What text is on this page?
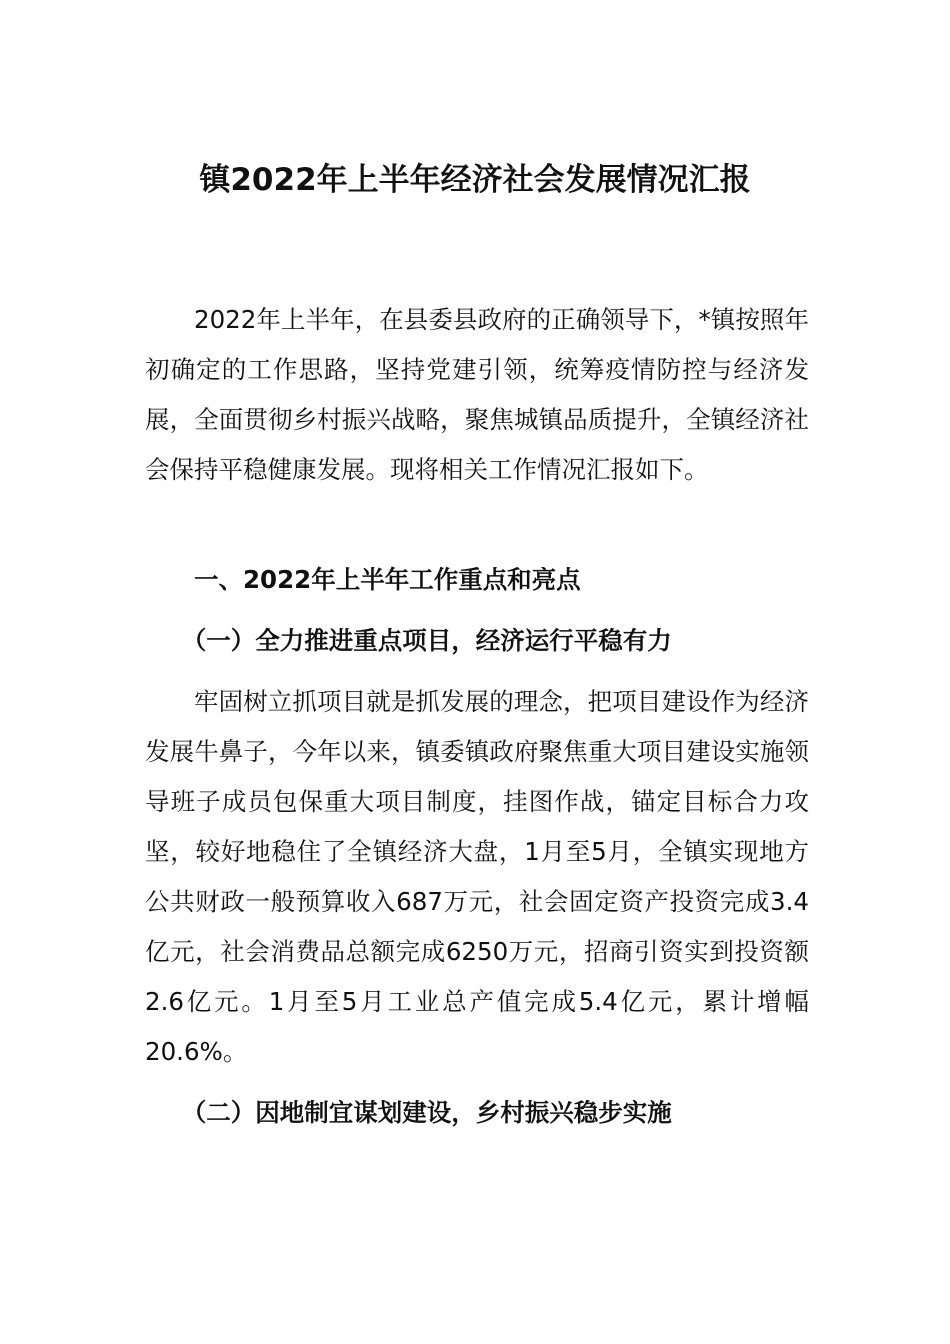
镇2022年上半年经济社会发展情况汇报

2022年上半年，在县委县政府的正确领导下，*镇按照年初确定的工作思路，坚持党建引领，统筹疫情防控与经济发展，全面贯彻乡村振兴战略，聚焦城镇品质提升，全镇经济社会保持平稳健康发展。现将相关工作情况汇报如下。

一、2022年上半年工作重点和亮点
（一）全力推进重点项目，经济运行平稳有力

牢固树立抓项目就是抓发展的理念，把项目建设作为经济发展牛鼻子，今年以来，镇委镇政府聚焦重大项目建设实施领导班子成员包保重大项目制度，挂图作战，锚定目标合力攻坚，较好地稳住了全镇经济大盘，1月至5月，全镇实现地方公共财政一般预算收入687万元，社会固定资产投资完成3.4亿元，社会消费品总额完成6250万元，招商引资实到投资额2.6亿元。1月至5月工业总产值完成5.4亿元，累计增幅20.6%。

（二）因地制宜谋划建设，乡村振兴稳步实施
